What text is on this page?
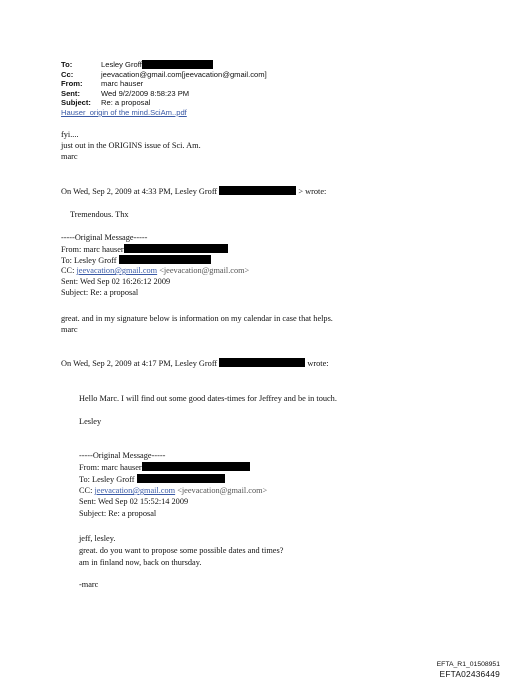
To:	Lesley Groff
Cc:	jeevacation@gmail.com[jeevacation@gmail.com]
From:	marc hauser
Sent:	Wed 9/2/2009 8:58:23 PM
Subject:	Re: a proposal
Hauser_origin of the mind.SciAm..pdf
fyi....
just out in the ORIGINS issue of Sci. Am.
marc
On Wed, Sep 2, 2009 at 4:33 PM, Lesley Groff	> wrote:
Tremendous. Thx
-----Original Message-----
From: marc hauser
To: Lesley Groff
CC: jeevacation@gmail.com <jeevacation@gmail.com>
Sent: Wed Sep 02 16:26:12 2009
Subject: Re: a proposal
great. and in my signature below is information on my calendar in case that helps.
marc
On Wed, Sep 2, 2009 at 4:17 PM, Lesley Groff	wrote:
Hello Marc. I will find out some good dates-times for Jeffrey and be in touch.
Lesley
-----Original Message-----
From: marc hauser
To: Lesley Groff
CC: jeevacation@gmail.com <jeevacation@gmail.com>
Sent: Wed Sep 02 15:52:14 2009
Subject: Re: a proposal
jeff, lesley.
great. do you want to propose some possible dates and times?
am in finland now, back on thursday.
-marc
EFTA_R1_01508951
EFTA02436449
